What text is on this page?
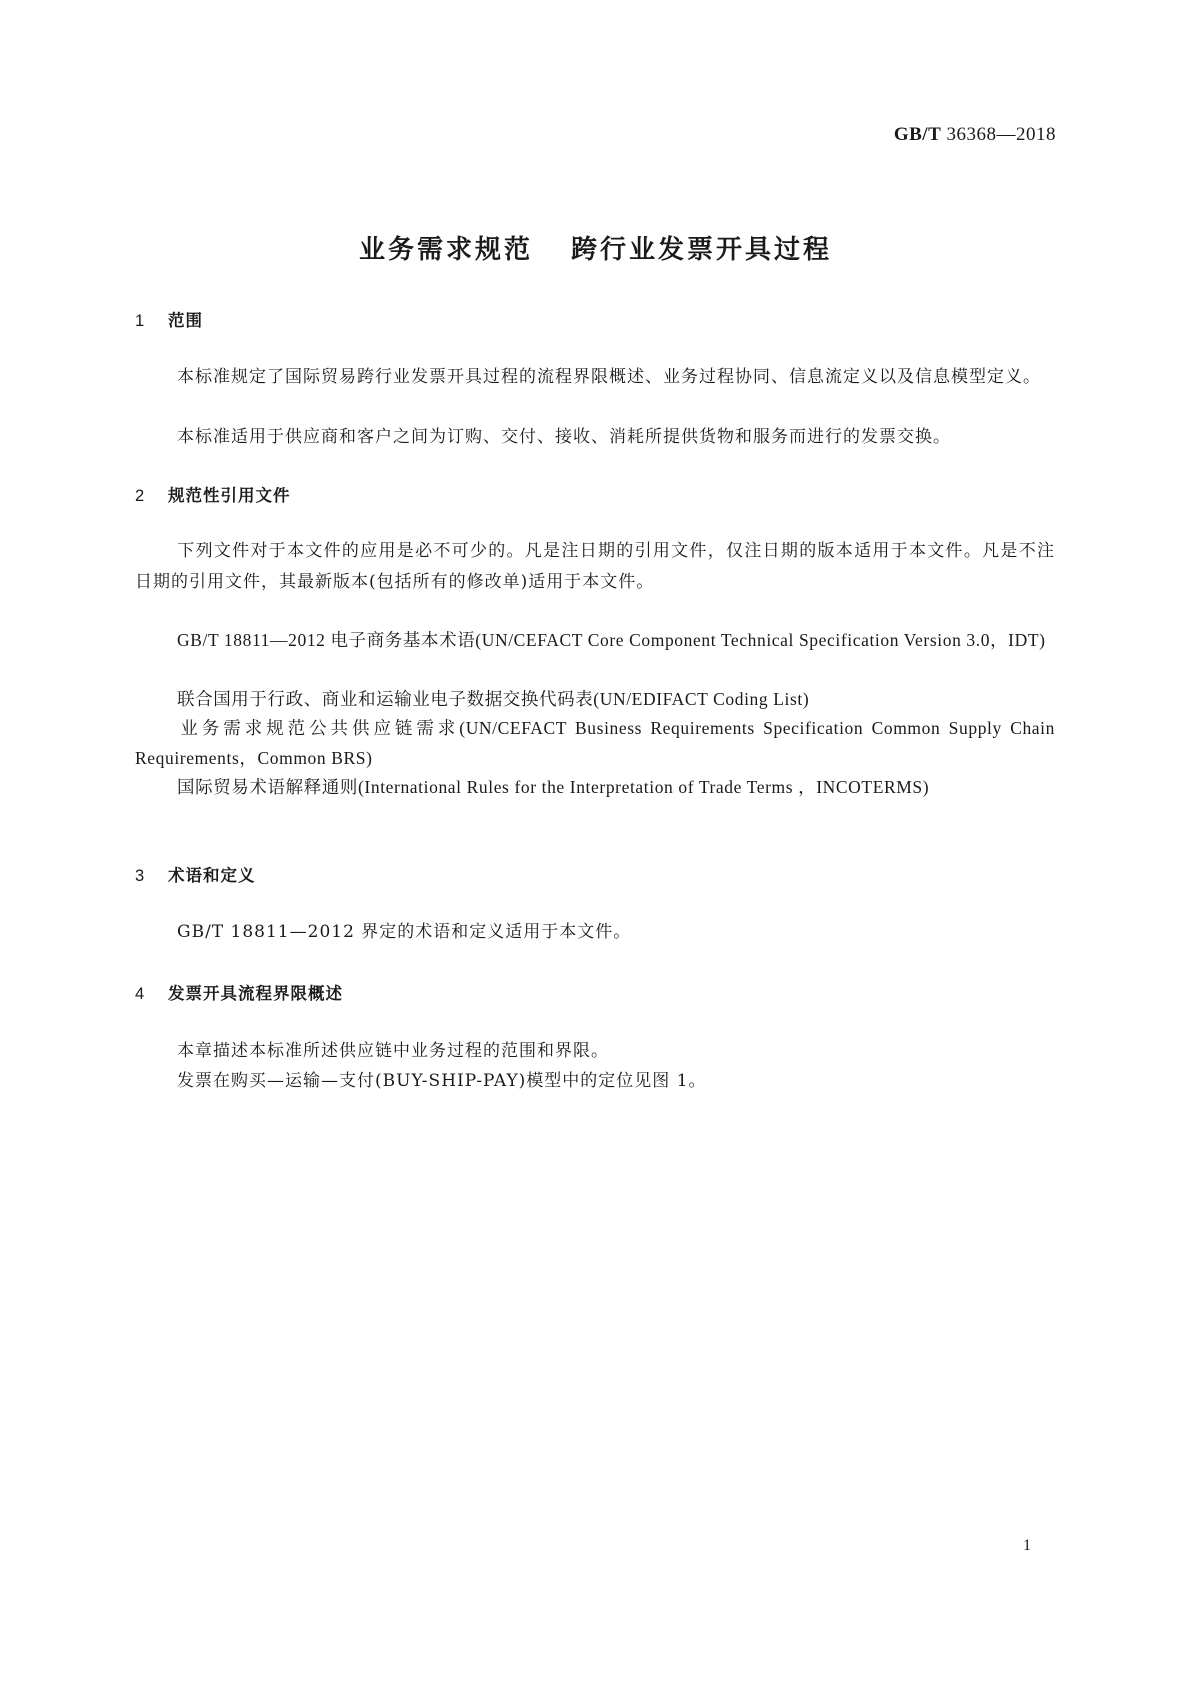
GB/T 36368—2018
业务需求规范 跨行业发票开具过程
1 范围
本标准规定了国际贸易跨行业发票开具过程的流程界限概述、业务过程协同、信息流定义以及信息模型定义。
本标准适用于供应商和客户之间为订购、交付、接收、消耗所提供货物和服务而进行的发票交换。
2 规范性引用文件
下列文件对于本文件的应用是必不可少的。凡是注日期的引用文件，仅注日期的版本适用于本文件。凡是不注日期的引用文件，其最新版本(包括所有的修改单)适用于本文件。
GB/T 18811—2012 电子商务基本术语(UN/CEFACT Core Component Technical Specification Version 3.0，IDT)
联合国用于行政、商业和运输业电子数据交换代码表(UN/EDIFACT Coding List)
业务需求规范公共供应链需求(UN/CEFACT Business Requirements Specification Common Supply Chain Requirements，Common BRS)
国际贸易术语解释通则(International Rules for the Interpretation of Trade Terms ，INCOTERMS)
3 术语和定义
GB/T 18811—2012 界定的术语和定义适用于本文件。
4 发票开具流程界限概述
本章描述本标准所述供应链中业务过程的范围和界限。
发票在购买—运输—支付(BUY-SHIP-PAY)模型中的定位见图 1。
1
